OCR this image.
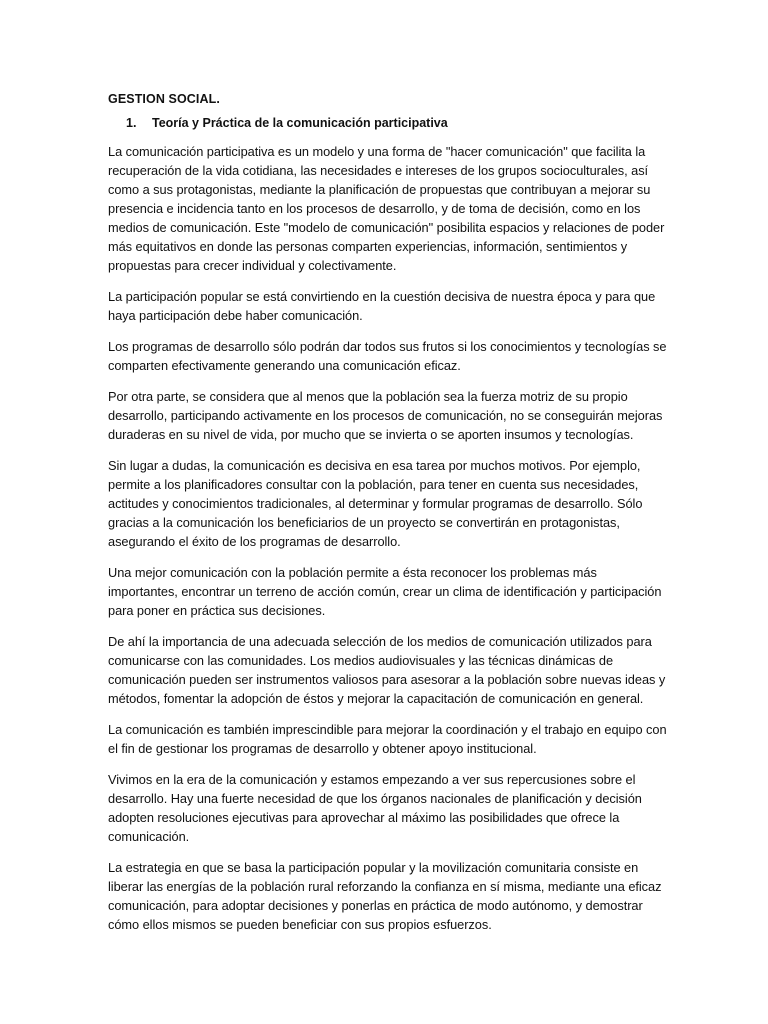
GESTION SOCIAL.
1.	Teoría y Práctica de la comunicación participativa

La comunicación participativa es un modelo y una forma de "hacer comunicación" que facilita la recuperación de la vida cotidiana, las necesidades e intereses de los grupos socioculturales, así como a sus protagonistas, mediante la planificación de propuestas que contribuyan a mejorar su presencia e incidencia tanto en los procesos de desarrollo, y de toma de decisión, como en los medios de comunicación. Este "modelo de comunicación" posibilita espacios y relaciones de poder más equitativos en donde las personas comparten experiencias, información, sentimientos y propuestas para crecer individual y colectivamente.

La participación popular se está convirtiendo en la cuestión decisiva de nuestra época y para que haya participación debe haber comunicación.

Los programas de desarrollo sólo podrán dar todos sus frutos si los conocimientos y tecnologías se comparten efectivamente generando una comunicación eficaz.

Por otra parte, se considera que al menos que la población sea la fuerza motriz de su propio desarrollo, participando activamente en los procesos de comunicación, no se conseguirán mejoras duraderas en su nivel de vida, por mucho que se invierta o se aporten insumos y tecnologías.

Sin lugar a dudas, la comunicación es decisiva en esa tarea por muchos motivos. Por ejemplo, permite a los planificadores consultar con la población, para tener en cuenta sus necesidades, actitudes y conocimientos tradicionales, al determinar y formular programas de desarrollo. Sólo gracias a la comunicación los beneficiarios de un proyecto se convertirán en protagonistas, asegurando el éxito de los programas de desarrollo.

Una mejor comunicación con la población permite a ésta reconocer los problemas más importantes, encontrar un terreno de acción común, crear un clima de identificación y participación para poner en práctica sus decisiones.

De ahí la importancia de una adecuada selección de los medios de comunicación utilizados para comunicarse con las comunidades. Los medios audiovisuales y las técnicas dinámicas de comunicación pueden ser instrumentos valiosos para asesorar a la población sobre nuevas ideas y métodos, fomentar la adopción de éstos y mejorar la capacitación de comunicación en general.

La comunicación es también imprescindible para mejorar la coordinación y el trabajo en equipo con el fin de gestionar los programas de desarrollo y obtener apoyo institucional.

Vivimos en la era de la comunicación y estamos empezando a ver sus repercusiones sobre el desarrollo. Hay una fuerte necesidad de que los órganos nacionales de planificación y decisión adopten resoluciones ejecutivas para aprovechar al máximo las posibilidades que ofrece la comunicación.

La estrategia en que se basa la participación popular y la movilización comunitaria consiste en liberar las energías de la población rural reforzando la confianza en sí misma, mediante una eficaz comunicación, para adoptar decisiones y ponerlas en práctica de modo autónomo, y demostrar cómo ellos mismos se pueden beneficiar con sus propios esfuerzos.
